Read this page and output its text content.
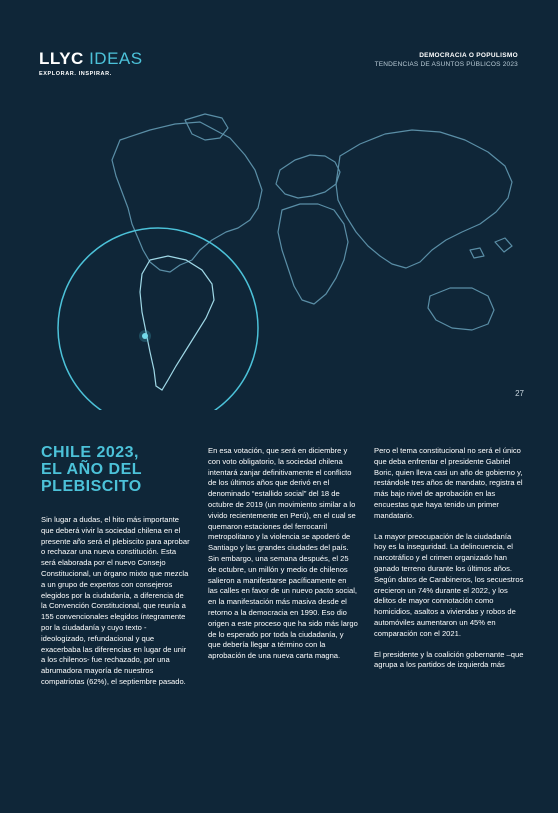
LLYC IDEAS
EXPLORAR. INSPIRAR.
DEMOCRACIA O POPULISMO
TENDENCIAS DE ASUNTOS PÚBLICOS 2023
27
CHILE 2023,
EL AÑO DEL
PLEBISCITO

Sin lugar a dudas, el hito más importante que deberá vivir la sociedad chilena en el presente año será el plebiscito para aprobar o rechazar una nueva constitución. Esta será elaborada por el nuevo Consejo Constitucional, un órgano mixto que mezcla a un grupo de expertos con consejeros elegidos por la ciudadanía, a diferencia de la Convención Constitucional, que reunía a 155 convencionales elegidos íntegramente por la ciudadanía y cuyo texto -ideologizado, refundacional y que exacerbaba las diferencias en lugar de unir a los chilenos- fue rechazado, por una abrumadora mayoría de nuestros compatriotas (62%), el septiembre pasado.

En esa votación, que será en diciembre y con voto obligatorio, la sociedad chilena intentará zanjar definitivamente el conflicto de los últimos años que derivó en el denominado “estallido social” del 18 de octubre de 2019 (un movimiento similar a lo vivido recientemente en Perú), en el cual se quemaron estaciones del ferrocarril metropolitano y la violencia se apoderó de Santiago y las grandes ciudades del país. Sin embargo, una semana después, el 25 de octubre, un millón y medio de chilenos salieron a manifestarse pacíficamente en las calles en favor de un nuevo pacto social, en la manifestación más masiva desde el retorno a la democracia en 1990. Eso dio origen a este proceso que ha sido más largo de lo esperado por toda la ciudadanía, y que debería llegar a término con la aprobación de una nueva carta magna.

Pero el tema constitucional no será el único que deba enfrentar el presidente Gabriel Boric, quien lleva casi un año de gobierno y, restándole tres años de mandato, registra el más bajo nivel de aprobación en las encuestas que haya tenido un primer mandatario.

La mayor preocupación de la ciudadanía hoy es la inseguridad. La delincuencia, el narcotráfico y el crimen organizado han ganado terreno durante los últimos años. Según datos de Carabineros, los secuestros crecieron un 74% durante el 2022, y los delitos de mayor connotación como homicidios, asaltos a viviendas y robos de automóviles aumentaron un 45% en comparación con el 2021.

El presidente y la coalición gobernante –que agrupa a los partidos de izquierda más
